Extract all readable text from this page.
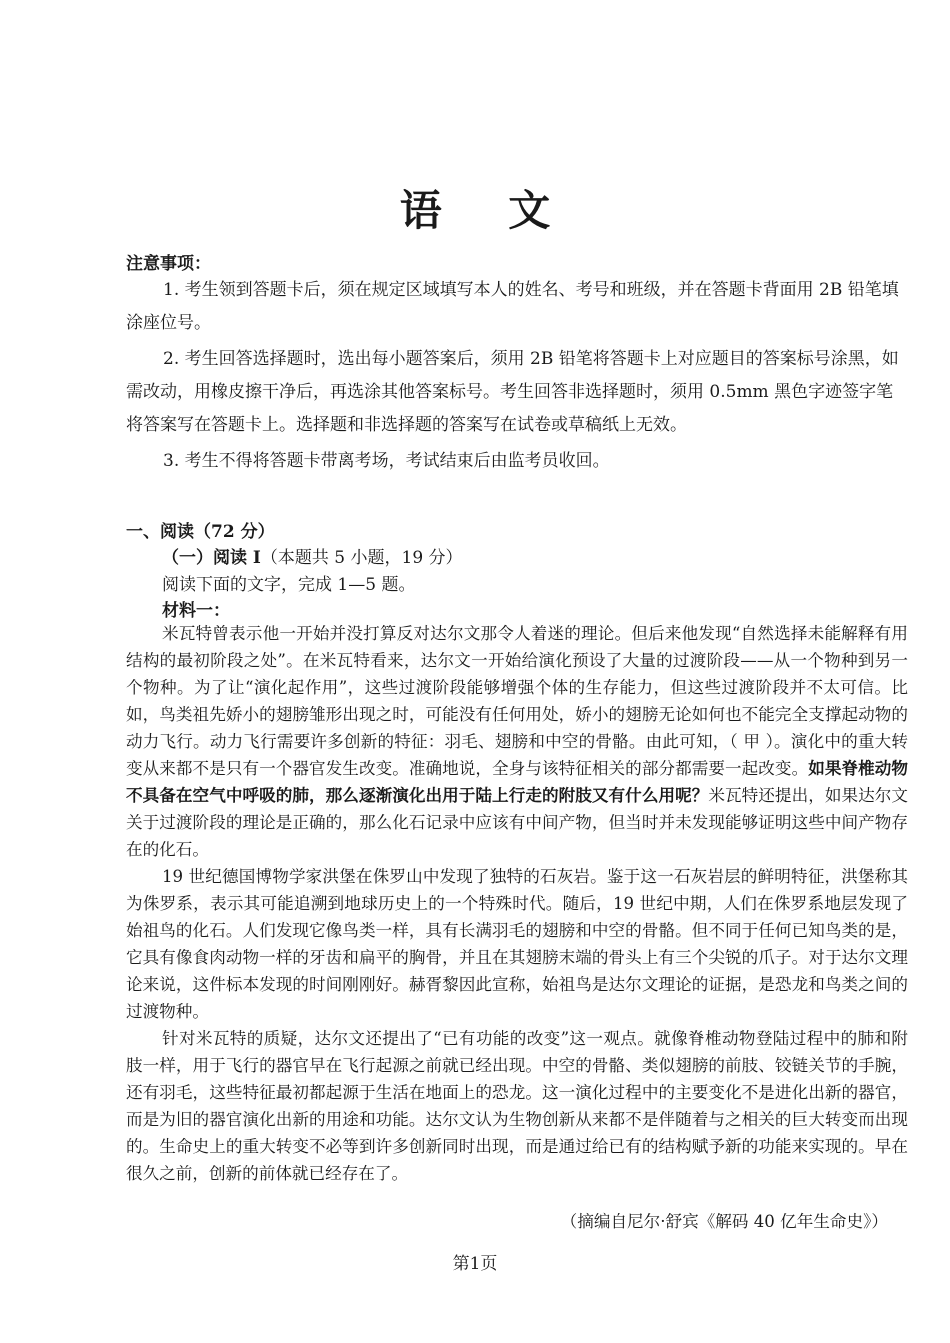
语 文
注意事项：

1. 考生领到答题卡后，须在规定区域填写本人的姓名、考号和班级，并在答题卡背面用 2B 铅笔填涂座位号。

2. 考生回答选择题时，选出每小题答案后，须用 2B 铅笔将答题卡上对应题目的答案标号涂黑，如需改动，用橡皮擦干净后，再选涂其他答案标号。考生回答非选择题时，须用 0.5mm 黑色字迹签字笔将答案写在答题卡上。选择题和非选择题的答案写在试卷或草稿纸上无效。

3. 考生不得将答题卡带离考场，考试结束后由监考员收回。

一、阅读（72 分）
（一）阅读 I（本题共 5 小题，19 分）
阅读下面的文字，完成 1—5 题。
材料一：

米瓦特曾表示他一开始并没打算反对达尔文那令人着迷的理论。但后来他发现“自然选择未能解释有用结构的最初阶段之处”。在米瓦特看来，达尔文一开始给演化预设了大量的过渡阶段——从一个物种到另一个物种。为了让“演化起作用”，这些过渡阶段能够增强个体的生存能力，但这些过渡阶段并不太可信。比如，鸟类祖先娇小的翅膀雏形出现之时，可能没有任何用处，娇小的翅膀无论如何也不能完全支撑起动物的动力飞行。动力飞行需要许多创新的特征：羽毛、翅膀和中空的骨骼。由此可知，（ 甲 ）。演化中的重大转变从来都不是只有一个器官发生改变。准确地说，全身与该特征相关的部分都需要一起改变。如果脊椎动物不具备在空气中呼吸的肺，那么逐渐演化出用于陆上行走的附肢又有什么用呢？米瓦特还提出，如果达尔文关于过渡阶段的理论是正确的，那么化石记录中应该有中间产物，但当时并未发现能够证明这些中间产物存在的化石。

19 世纪德国博物学家洪堡在侏罗山中发现了独特的石灰岩。鉴于这一石灰岩层的鲜明特征，洪堡称其为侏罗系，表示其可能追溯到地球历史上的一个特殊时代。随后，19 世纪中期，人们在侏罗系地层发现了始祖鸟的化石。人们发现它像鸟类一样，具有长满羽毛的翅膀和中空的骨骼。但不同于任何已知鸟类的是，它具有像食肉动物一样的牙齿和扁平的胸骨，并且在其翅膀末端的骨头上有三个尖锐的爪子。对于达尔文理论来说，这件标本发现的时间刚刚好。赫胥黎因此宣称，始祖鸟是达尔文理论的证据，是恐龙和鸟类之间的过渡物种。

针对米瓦特的质疑，达尔文还提出了“已有功能的改变”这一观点。就像脊椎动物登陆过程中的肺和附肢一样，用于飞行的器官早在飞行起源之前就已经出现。中空的骨骼、类似翅膀的前肢、铰链关节的手腕，还有羽毛，这些特征最初都起源于生活在地面上的恐龙。这一演化过程中的主要变化不是进化出新的器官，而是为旧的器官演化出新的用途和功能。达尔文认为生物创新从来都不是伴随着与之相关的巨大转变而出现的。生命史上的重大转变不必等到许多创新同时出现，而是通过给已有的结构赋予新的功能来实现的。早在很久之前，创新的前体就已经存在了。

（摘编自尼尔·舒宾《解码 40 亿年生命史》）
第1页
